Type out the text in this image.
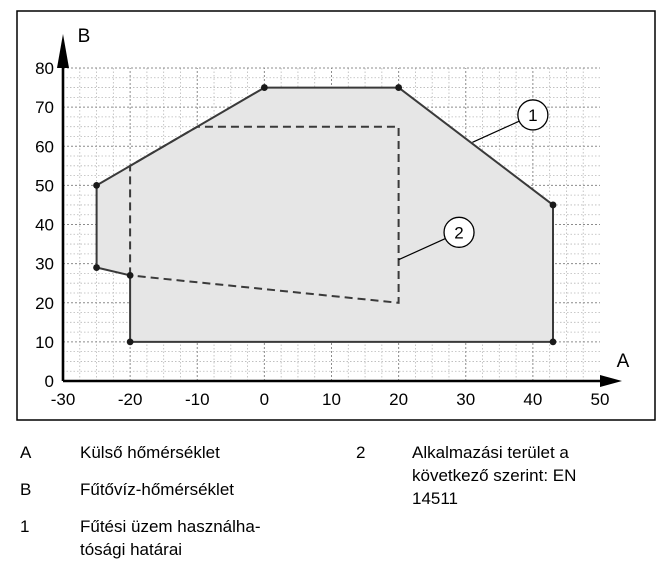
-30	-20	-10	0	10	20	30	40	50
0
10
20
30
40
50
60
70
80
1
2
A
B
A	Külső hőmérséklet
B	Fűtővíz-hőmérséklet
1	Fűtési üzem használha-
tósági határai
2	Alkalmazási terület a
következő szerint: EN
14511
